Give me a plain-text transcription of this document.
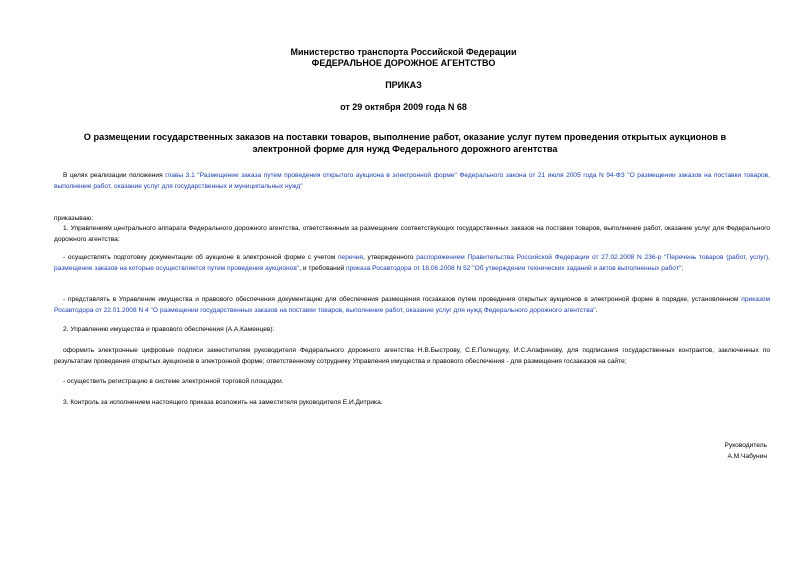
Министерство транспорта Российской Федерации
ФЕДЕРАЛЬНОЕ ДОРОЖНОЕ АГЕНТСТВО
ПРИКАЗ
от 29 октября 2009 года N 68
О размещении государственных заказов на поставки товаров, выполнение работ, оказание услуг путем проведения открытых аукционов в электронной форме для нужд Федерального дорожного агентства
В целях реализации положения главы 3.1 "Размещение заказа путем проведения открытого аукциона в электронной форме" Федерального закона от 21 июля 2005 года N 94-ФЗ "О размещении заказов на поставки товаров, выполнение работ, оказание услуг для государственных и муниципальных нужд"
приказываю:
1. Управлениям центрального аппарата Федерального дорожного агентства, ответственным за размещение соответствующих государственных заказов на поставки товаров, выполнение работ, оказание услуг для Федерального дорожного агентства:
- осуществлять подготовку документации об аукционе в электронной форме с учетом перечня, утвержденного распоряжением Правительства Российской Федерации от 27.02.2008 N 236-р "Перечень товаров (работ, услуг), размещение заказов на которые осуществляется путем проведения аукционов", и требований приказа Росавтодора от 18.06.2008 N 52 "Об утверждении технических заданий и актов выполненных работ";
- представлять в Управление имущества и правового обеспечения документацию для обеспечения размещения госзаказов путем проведения открытых аукционов в электронной форме в порядке, установленном приказом Росавтодора от 22.01.2008 N 4 "О размещении государственных заказов на поставки товаров, выполнение работ, оказание услуг для нужд Федерального дорожного агентства".
2. Управлению имущества и правового обеспечения (А.А.Каменцев):
оформить электронные цифровые подписи заместителям руководителя Федерального дорожного агентства Н.В.Быстрову, С.Е.Полещуку, И.С.Алафинову, для подписания государственных контрактов, заключенных по результатам проведения открытых аукционов в электронной форме; ответственному сотруднику Управления имущества и правового обеспечения - для размещения госзаказов на сайте;
- осуществить регистрацию в системе электронной торговой площадки.
3. Контроль за исполнением настоящего приказа возложить на заместителя руководителя Е.И.Дитрика.
Руководитель
А.М.Чабунин
